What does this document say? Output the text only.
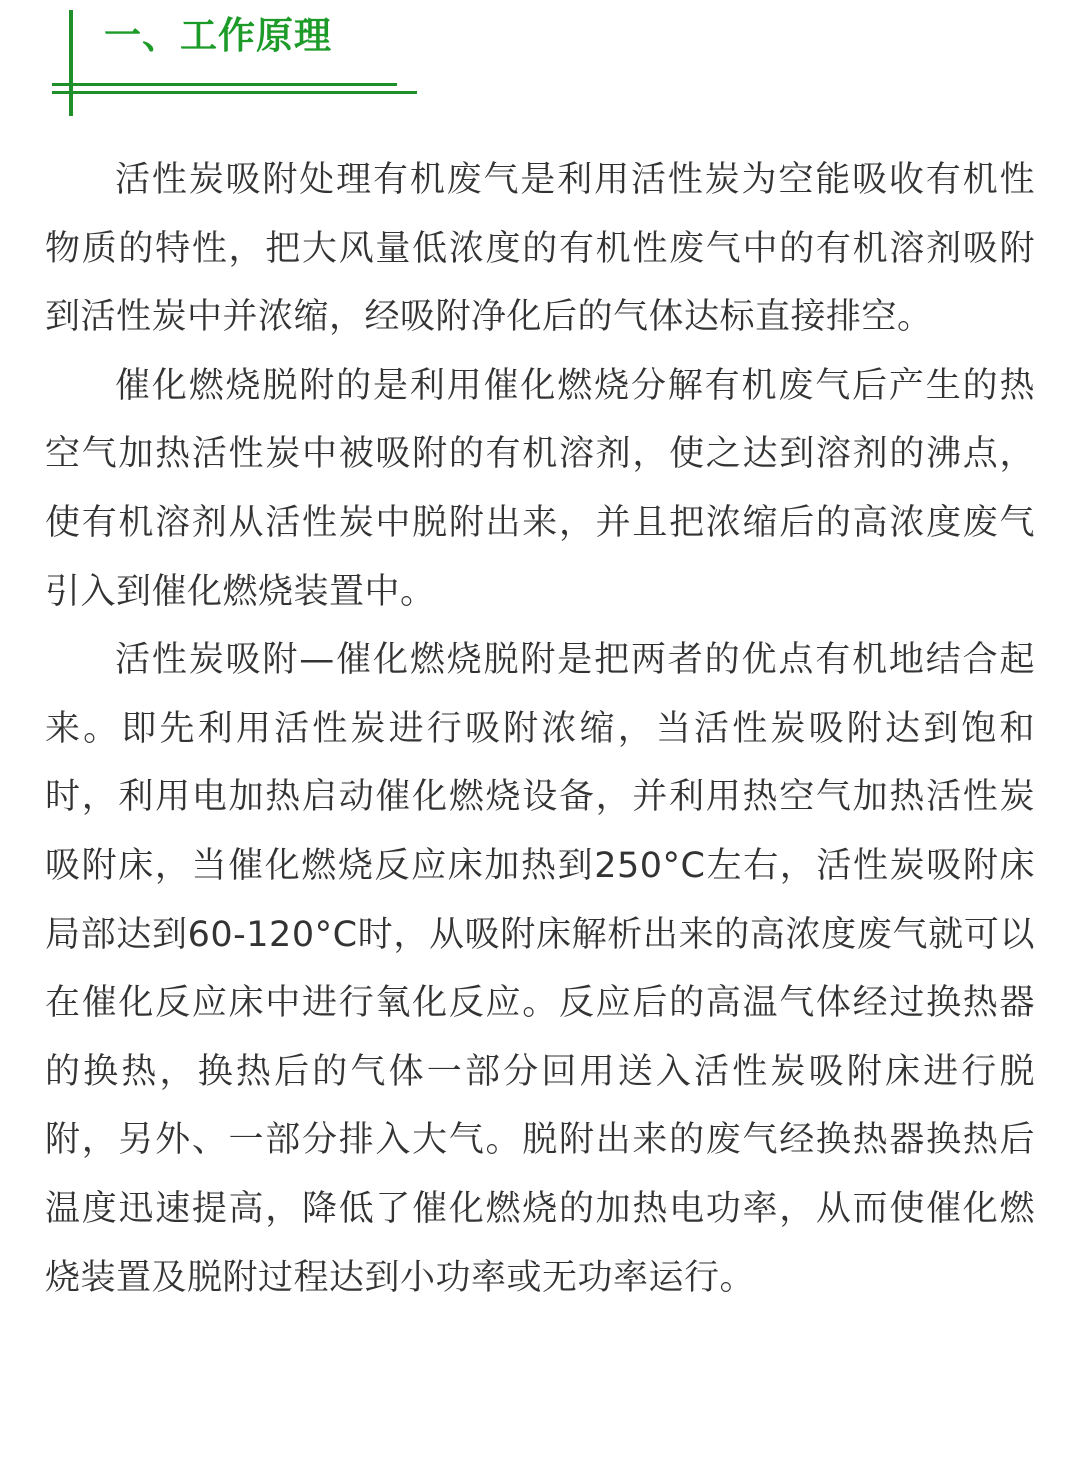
一、工作原理

活性炭吸附处理有机废气是利用活性炭为空能吸收有机性物质的特性，把大风量低浓度的有机性废气中的有机溶剂吸附到活性炭中并浓缩，经吸附净化后的气体达标直接排空。

催化燃烧脱附的是利用催化燃烧分解有机废气后产生的热空气加热活性炭中被吸附的有机溶剂，使之达到溶剂的沸点，使有机溶剂从活性炭中脱附出来，并且把浓缩后的高浓度废气引入到催化燃烧装置中。

活性炭吸附—催化燃烧脱附是把两者的优点有机地结合起来。即先利用活性炭进行吸附浓缩，当活性炭吸附达到饱和时，利用电加热启动催化燃烧设备，并利用热空气加热活性炭吸附床，当催化燃烧反应床加热到250°C左右，活性炭吸附床局部达到60-120°C时，从吸附床解析出来的高浓度废气就可以在催化反应床中进行氧化反应。反应后的高温气体经过换热器的换热，换热后的气体一部分回用送入活性炭吸附床进行脱附，另外、一部分排入大气。脱附出来的废气经换热器换热后温度迅速提高，降低了催化燃烧的加热电功率，从而使催化燃烧装置及脱附过程达到小功率或无功率运行。
